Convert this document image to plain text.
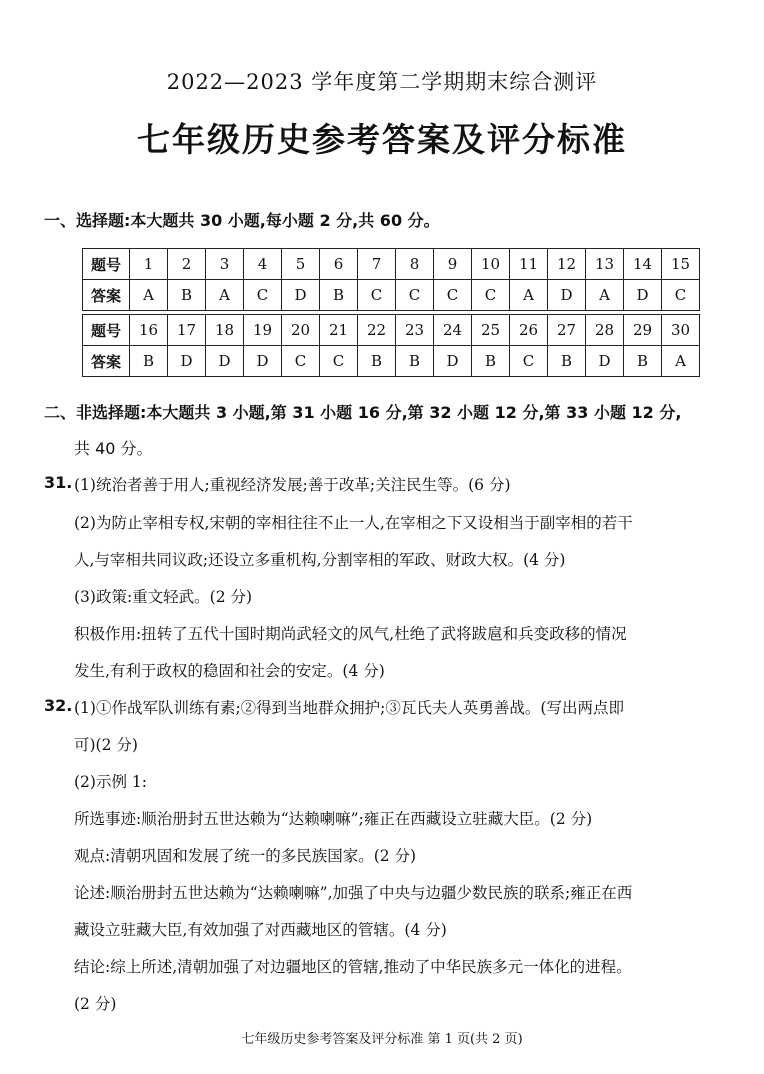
2022—2023 学年度第二学期期末综合测评
七年级历史参考答案及评分标准
一、选择题:本大题共 30 小题,每小题 2 分,共 60 分。
题号	1	2	3	4	5	6	7	8	9	10	11	12	13	14	15
答案	A	B	A	C	D	B	C	C	C	C	A	D	A	D	C
题号	16	17	18	19	20	21	22	23	24	25	26	27	28	29	30
答案	B	D	D	D	C	C	B	B	D	B	C	B	D	B	A
二、非选择题:本大题共 3 小题,第 31 小题 16 分,第 32 小题 12 分,第 33 小题 12 分,
共 40 分。
31. (1)统治者善于用人;重视经济发展;善于改革;关注民生等。(6 分)
(2)为防止宰相专权,宋朝的宰相往往不止一人,在宰相之下又设相当于副宰相的若干
人,与宰相共同议政;还设立多重机构,分割宰相的军政、财政大权。(4 分)
(3)政策:重文轻武。(2 分)
积极作用:扭转了五代十国时期尚武轻文的风气,杜绝了武将跋扈和兵变政移的情况
发生,有利于政权的稳固和社会的安定。(4 分)
32. (1)①作战军队训练有素;②得到当地群众拥护;③瓦氏夫人英勇善战。(写出两点即
可)(2 分)
(2)示例 1:
所选事迹:顺治册封五世达赖为“达赖喇嘛”;雍正在西藏设立驻藏大臣。(2 分)
观点:清朝巩固和发展了统一的多民族国家。(2 分)
论述:顺治册封五世达赖为“达赖喇嘛”,加强了中央与边疆少数民族的联系;雍正在西
藏设立驻藏大臣,有效加强了对西藏地区的管辖。(4 分)
结论:综上所述,清朝加强了对边疆地区的管辖,推动了中华民族多元一体化的进程。
(2 分)
七年级历史参考答案及评分标准 第 1 页(共 2 页)
